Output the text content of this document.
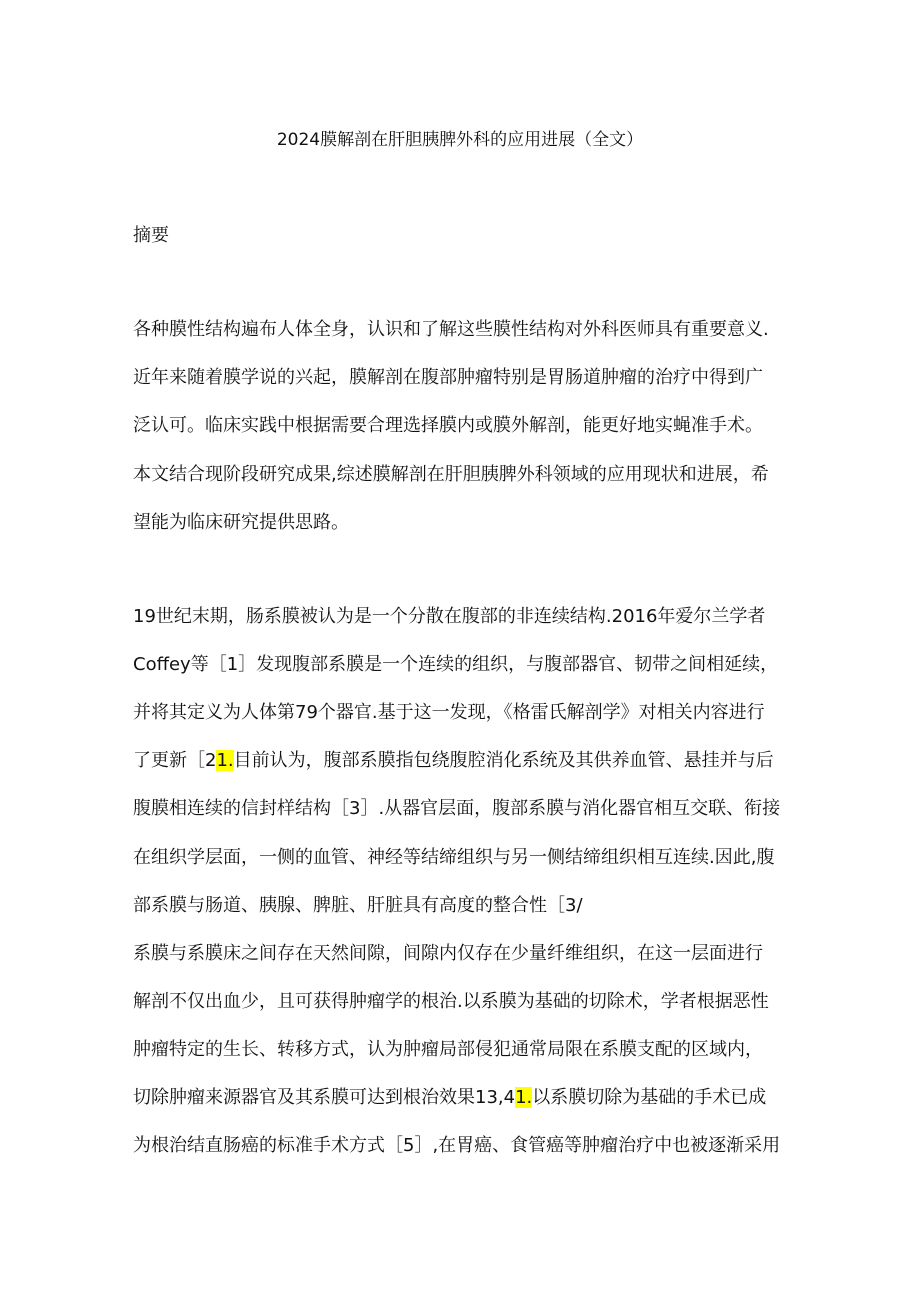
2024膜解剖在肝胆胰脾外科的应用进展（全文）
摘要
各种膜性结构遍布人体全身，认识和了解这些膜性结构对外科医师具有重要意义.
近年来随着膜学说的兴起，膜解剖在腹部肿瘤特别是胃肠道肿瘤的治疗中得到广
泛认可。临床实践中根据需要合理选择膜内或膜外解剖，能更好地实蝇准手术。
本文结合现阶段研究成果,综述膜解剖在肝胆胰脾外科领域的应用现状和进展，希
望能为临床研究提供思路。
19世纪末期，肠系膜被认为是一个分散在腹部的非连续结构.2016年爱尔兰学者
Coffey等［1］发现腹部系膜是一个连续的组织，与腹部器官、韧带之间相延续，
并将其定义为人体第79个器官.基于这一发现，《格雷氏解剖学》对相关内容进行
了更新［21.目前认为，腹部系膜指包绕腹腔消化系统及其供养血管、悬挂并与后
腹膜相连续的信封样结构［3］.从器官层面，腹部系膜与消化器官相互交联、衔接
在组织学层面，一侧的血管、神经等结缔组织与另一侧结缔组织相互连续.因此,腹
部系膜与肠道、胰腺、脾脏、肝脏具有高度的整合性［3/
系膜与系膜床之间存在天然间隙，间隙内仅存在少量纤维组织，在这一层面进行
解剖不仅出血少，且可获得肿瘤学的根治.以系膜为基础的切除术，学者根据恶性
肿瘤特定的生长、转移方式，认为肿瘤局部侵犯通常局限在系膜支配的区域内，
切除肿瘤来源器官及其系膜可达到根治效果13,41.以系膜切除为基础的手术已成
为根治结直肠癌的标准手术方式［5］,在胃癌、食管癌等肿瘤治疗中也被逐渐采用
